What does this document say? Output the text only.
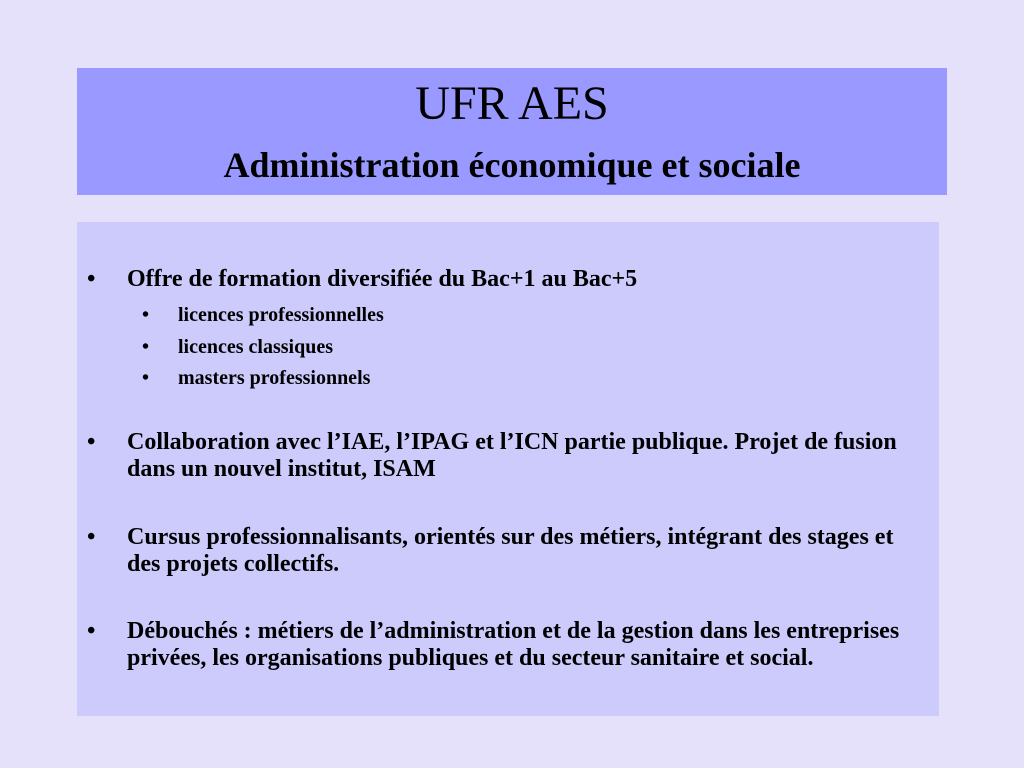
UFR AES
Administration économique et sociale
• Offre de formation diversifiée du Bac+1 au Bac+5
• licences professionnelles
• licences classiques
• masters professionnels
• Collaboration avec l’IAE, l’IPAG et l’ICN partie publique. Projet de fusion dans un nouvel institut, ISAM
• Cursus professionnalisants, orientés sur des métiers, intégrant des stages et des projets collectifs.
• Débouchés : métiers de l’administration et de la gestion dans les entreprises privées, les organisations publiques et du secteur sanitaire et social.
